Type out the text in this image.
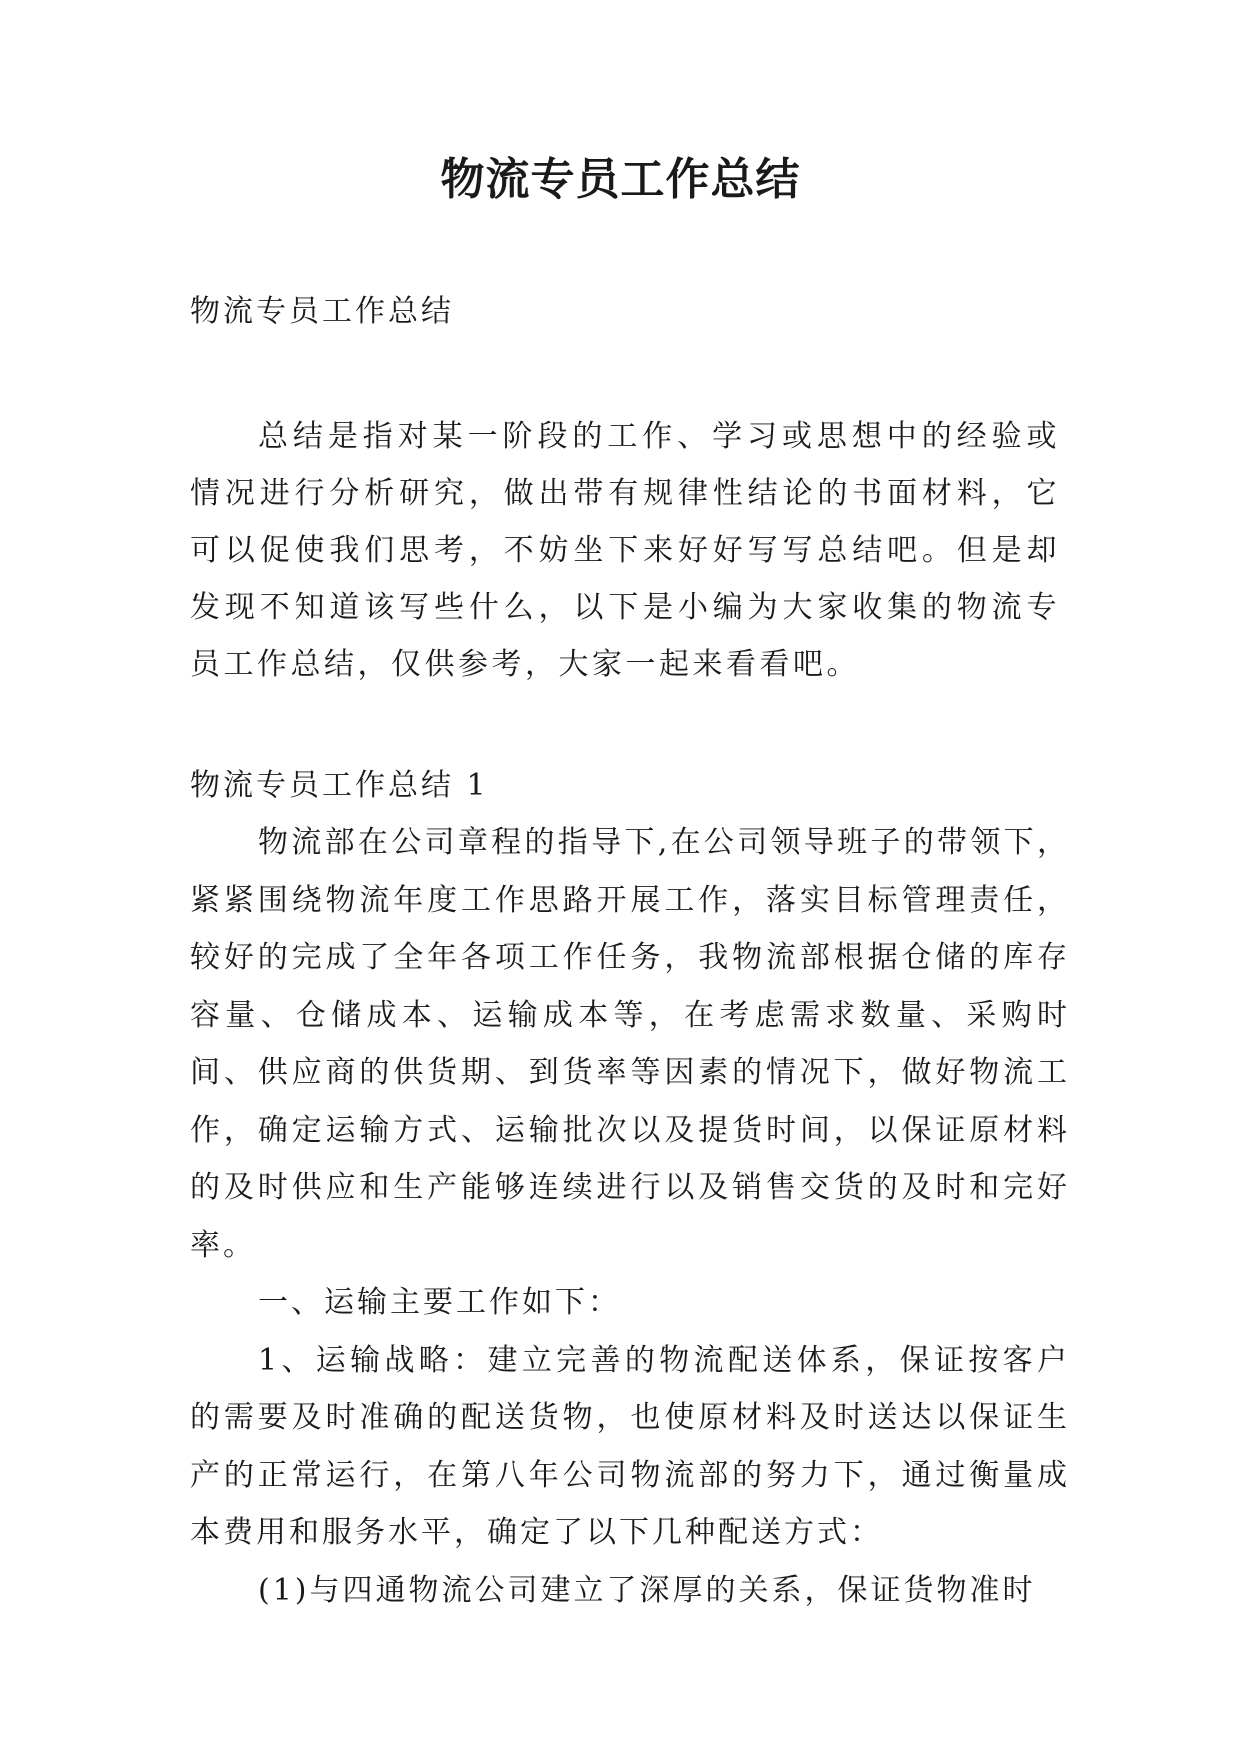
物流专员工作总结

物流专员工作总结

总结是指对某一阶段的工作、学习或思想中的经验或情况进行分析研究，做出带有规律性结论的书面材料，它可以促使我们思考，不妨坐下来好好写写总结吧。但是却发现不知道该写些什么，以下是小编为大家收集的物流专员工作总结，仅供参考，大家一起来看看吧。

物流专员工作总结 1

物流部在公司章程的指导下,在公司领导班子的带领下，紧紧围绕物流年度工作思路开展工作，落实目标管理责任，较好的完成了全年各项工作任务，我物流部根据仓储的库存容量、仓储成本、运输成本等，在考虑需求数量、采购时间、供应商的供货期、到货率等因素的情况下，做好物流工作，确定运输方式、运输批次以及提货时间，以保证原材料的及时供应和生产能够连续进行以及销售交货的及时和完好率。

一、运输主要工作如下：

1、运输战略：建立完善的物流配送体系，保证按客户的需要及时准确的配送货物，也使原材料及时送达以保证生产的正常运行，在第八年公司物流部的努力下，通过衡量成本费用和服务水平，确定了以下几种配送方式：

(1)与四通物流公司建立了深厚的关系，保证货物准时
